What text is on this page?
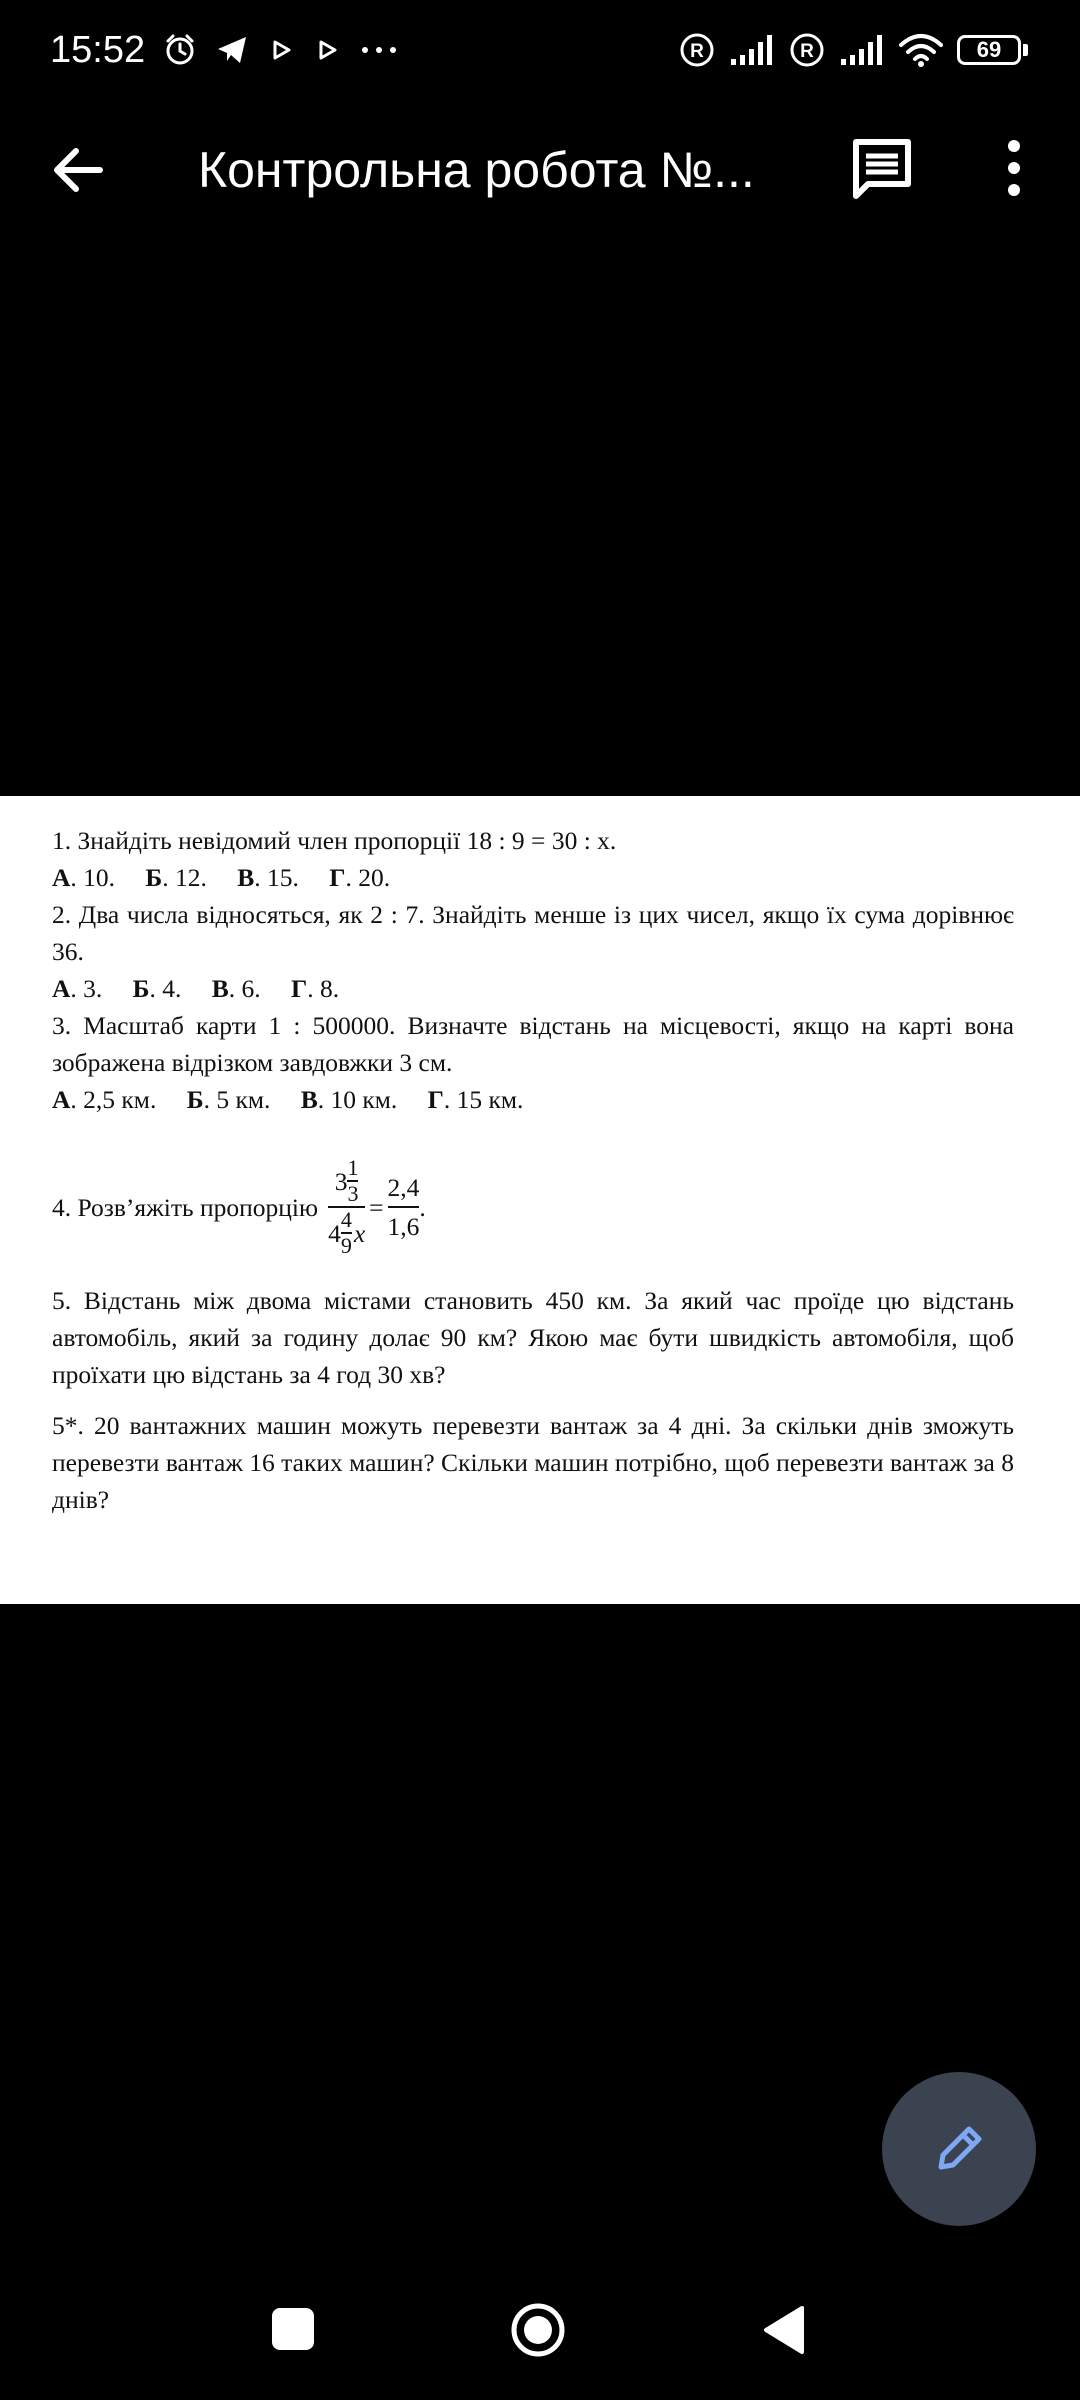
15:52	R	R	69
Контрольна робота №...

1. Знайдіть невідомий член пропорції 18 : 9 = 30 : x.

А. 10. Б. 12. В. 15. Г. 20.

2. Два числа відносяться, як 2 : 7. Знайдіть менше із цих чисел, якщо їх сума дорівнює 36.

А. 3. Б. 4. В. 6. Г. 8.

3. Масштаб карти 1 : 500000. Визначте відстань на місцевості, якщо на карті вона зображена відрізком завдовжки 3 см.

А. 2,5 км. Б. 5 км. В. 10 км. Г. 15 км.

4. Розв’яжіть пропорцію
$3 \frac{1}{3}$
$4 \frac{4}{9}$ x
= $\frac{2,4}{1,6}$ .

5. Відстань між двома містами становить 450 км. За який час проїде цю відстань автомобіль, який за годину долає 90 км? Якою має бути швидкість автомобіля, щоб проїхати цю відстань за 4 год 30 хв?

5*. 20 вантажних машин можуть перевезти вантаж за 4 дні. За скільки днів зможуть перевезти вантаж 16 таких машин? Скільки машин потрібно, щоб перевезти вантаж за 8 днів?
